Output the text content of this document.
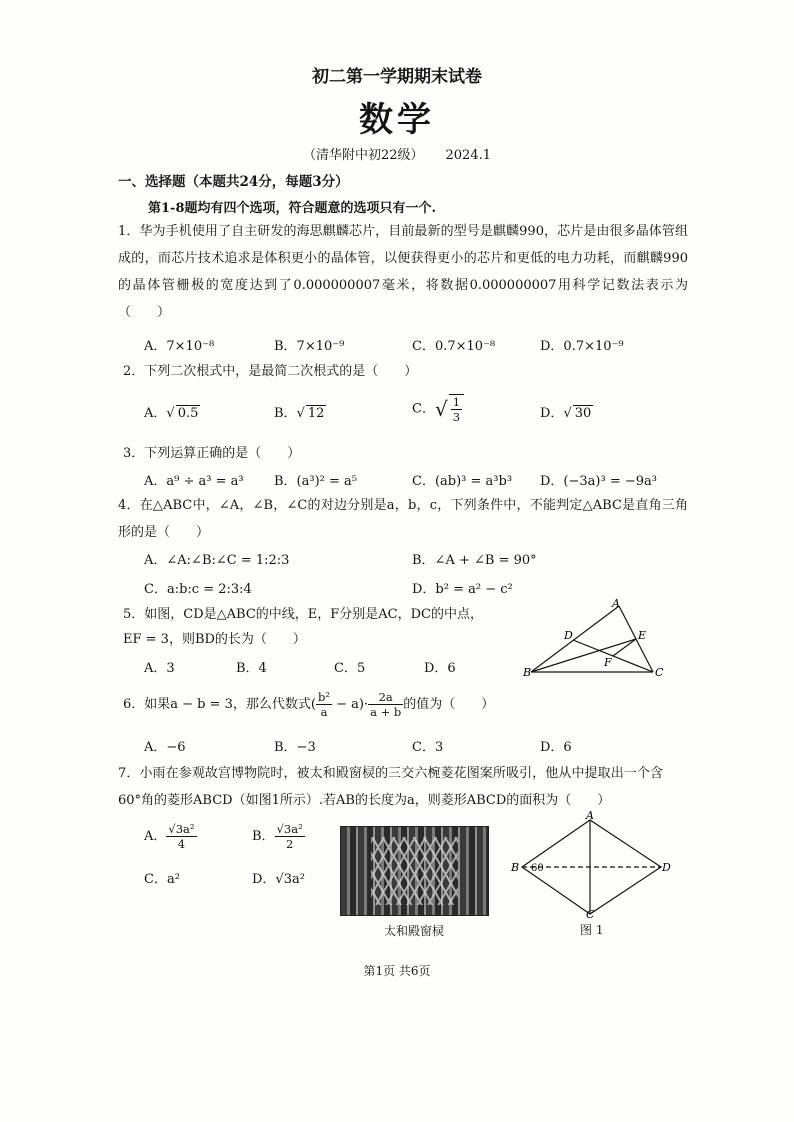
初二第一学期期末试卷
数学
（清华附中初22级） 2024.1
一、选择题（本题共24分，每题3分）
第1-8题均有四个选项，符合题意的选项只有一个.
1．华为手机使用了自主研发的海思麒麟芯片，目前最新的型号是麒麟990，芯片是由很多晶体管组成的，而芯片技术追求是体积更小的晶体管，以便获得更小的芯片和更低的电力功耗，而麒麟990的晶体管栅极的宽度达到了0.000000007毫米，将数据0.000000007用科学记数法表示为（　　）
A．7×10⁻⁸	B．7×10⁻⁹	C．0.7×10⁻⁸	D．0.7×10⁻⁹
2．下列二次根式中，是最简二次根式的是（　　）
A． √ 0.5	B． √ 12	C． √ $\frac{1}{3}$	D． √ 30
3．下列运算正确的是（　　）
A．a⁹ ÷ a³ = a³ B．(a³)² = a⁵	C．(ab)³ = a³b³ D．(−3a)³ = −9a³
4．在△ABC中，∠A，∠B，∠C的对边分别是a，b，c，下列条件中，不能判定△ABC是直角三角形的是（　　）
A．∠A:∠B:∠C = 1:2:3	B．∠A + ∠B = 90°
C．a:b:c = 2:3:4	D．b² = a² − c²
5．如图，CD是△ABC的中线，E，F分别是AC，DC的中点，
EF = 3，则BD的长为（　　）
A．3	B．4	C．5	D．6
A
D	E
F
B	C
6．如果a − b = 3，那么代数式( $\frac{\text{b²}}{a} - a)\cdot \frac{2a}{a + b}$ 的值为（　　）
A．−6	B．−3	C．3	D．6
7．小雨在参观故宫博物院时，被太和殿窗棂的三交六椀菱花图案所吸引，他从中提取出一个含60°角的菱形ABCD（如图1所示）.若AB的长度为a，则菱形ABCD的面积为（　　）
A． $\frac{\text{√3a²}}{4}$	B． $\frac{\text{√3a²}}{2}$
C．a²	D．√3a²
太和殿窗棂
A
B
C
D
60
图 1
第1页 共6页
